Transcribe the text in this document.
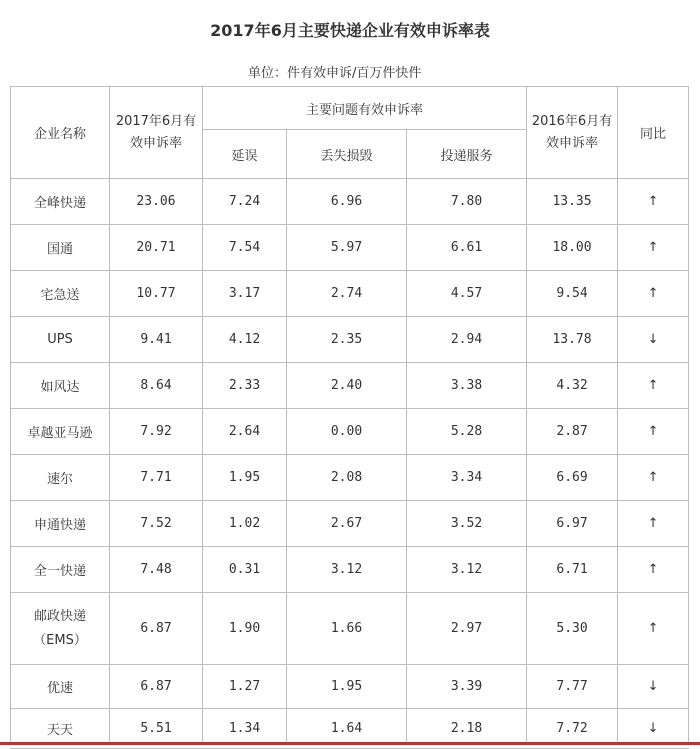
2017年6月主要快递企业有效申诉率表
单位：件有效申诉/百万件快件
企业名称	2017年6月有效申诉率	主要问题有效申诉率			2016年6月有效申诉率	同比
		延误	丢失损毁	投递服务		
全峰快递	23.06	7.24	6.96	7.80	13.35	↑
国通	20.71	7.54	5.97	6.61	18.00	↑
宅急送	10.77	3.17	2.74	4.57	9.54	↑
UPS	9.41	4.12	2.35	2.94	13.78	↓
如风达	8.64	2.33	2.40	3.38	4.32	↑
卓越亚马逊	7.92	2.64	0.00	5.28	2.87	↑
速尔	7.71	1.95	2.08	3.34	6.69	↑
申通快递	7.52	1.02	2.67	3.52	6.97	↑
全一快递	7.48	0.31	3.12	3.12	6.71	↑
邮政快递
（EMS）	6.87	1.90	1.66	2.97	5.30	↑
优速	6.87	1.27	1.95	3.39	7.77	↓
天天	5.51	1.34	1.64	2.18	7.72	↓
